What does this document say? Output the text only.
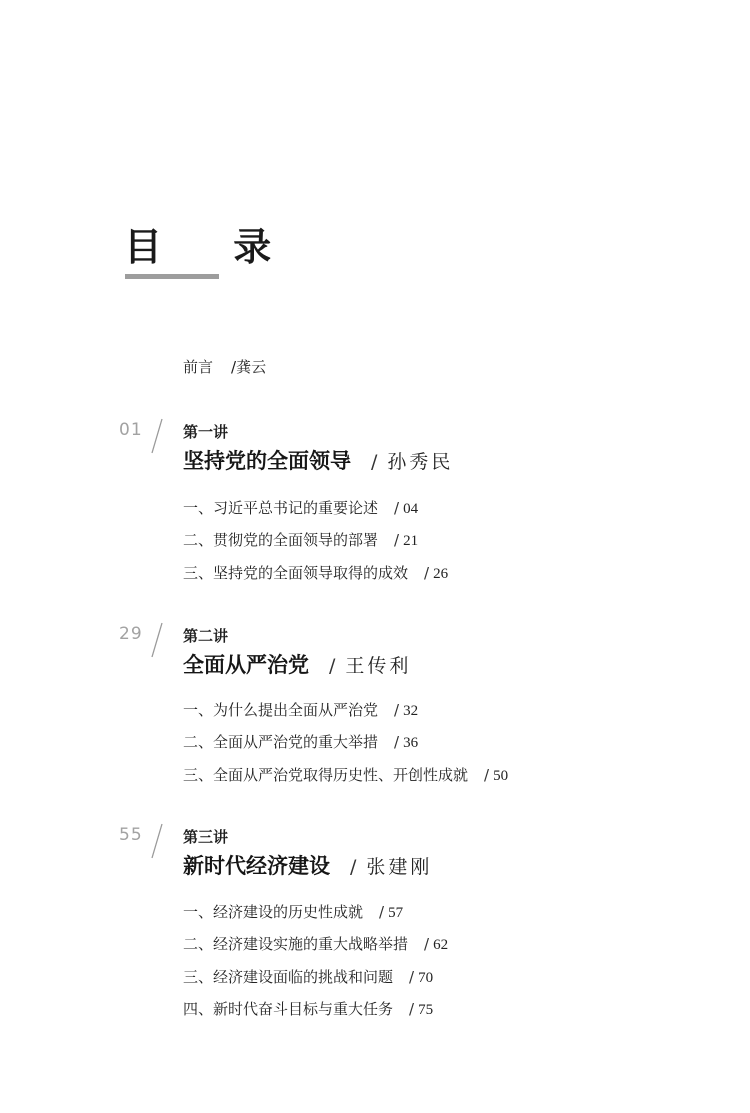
目 录
前言 /龚云
01	第一讲
坚持党的全面领导 / 孙秀民
一、习近平总书记的重要论述 / 04
二、贯彻党的全面领导的部署 / 21
三、坚持党的全面领导取得的成效 / 26
29	第二讲
全面从严治党 / 王传利
一、为什么提出全面从严治党 / 32
二、全面从严治党的重大举措 / 36
三、全面从严治党取得历史性、开创性成就 / 50
55	第三讲
新时代经济建设 / 张建刚
一、经济建设的历史性成就 / 57
二、经济建设实施的重大战略举措 / 62
三、经济建设面临的挑战和问题 / 70
四、新时代奋斗目标与重大任务 / 75
